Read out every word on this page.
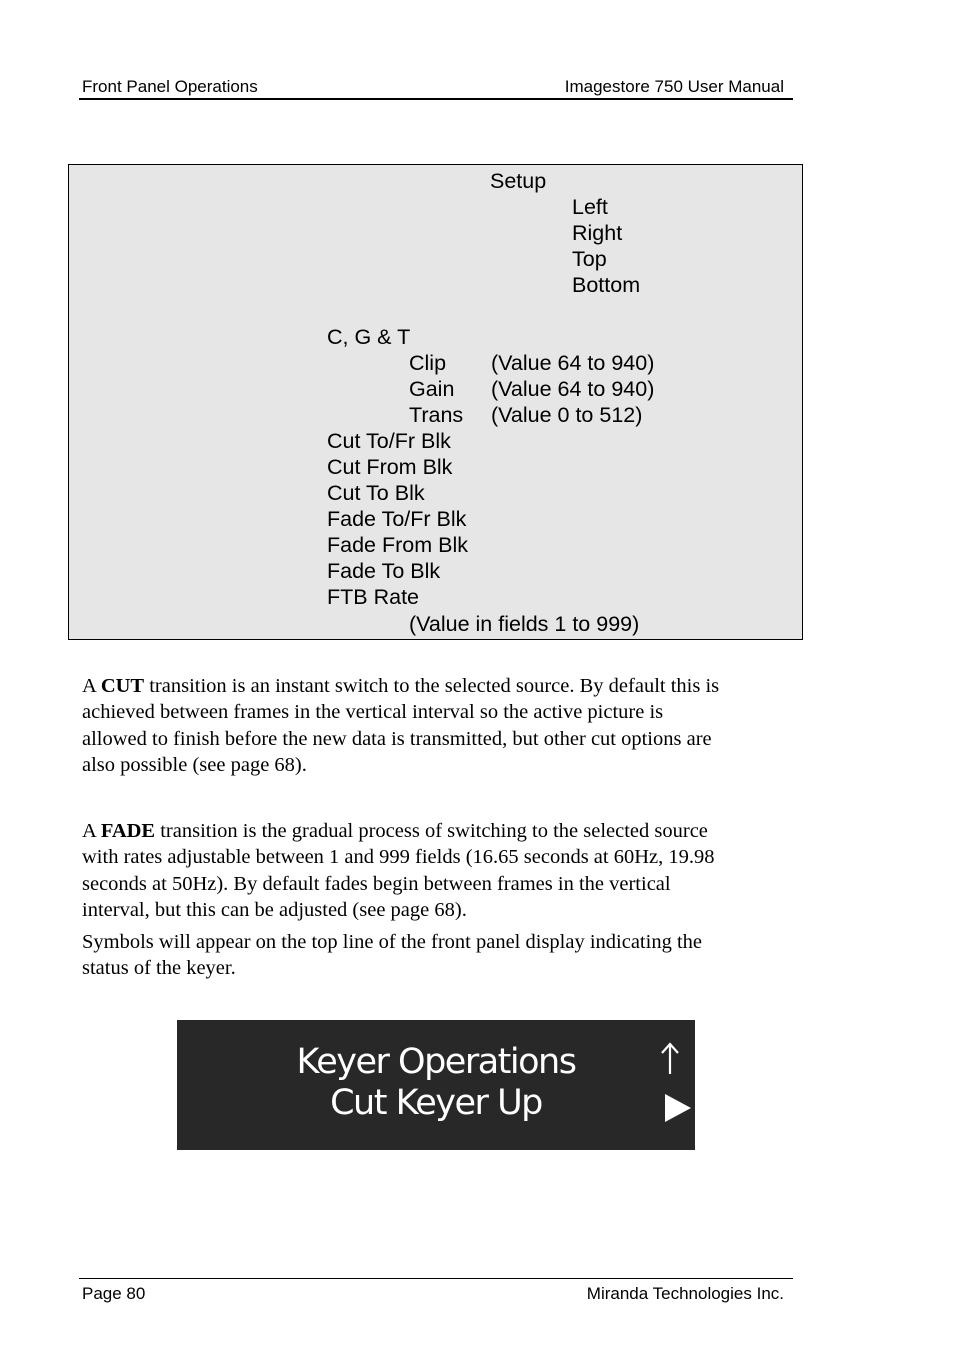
Front Panel Operations	Imagestore 750 User Manual
Setup
Left
Right
Top
Bottom
C, G & T
Clip (Value 64 to 940)
Gain (Value 64 to 940)
Trans (Value 0 to 512)
Cut To/Fr Blk
Cut From Blk
Cut To Blk
Fade To/Fr Blk
Fade From Blk
Fade To Blk
FTB Rate
(Value in fields 1 to 999)

A CUT transition is an instant switch to the selected source. By default this is
achieved between frames in the vertical interval so the active picture is
allowed to finish before the new data is transmitted, but other cut options are
also possible (see page 68).

A FADE transition is the gradual process of switching to the selected source
with rates adjustable between 1 and 999 fields (16.65 seconds at 60Hz, 19.98
seconds at 50Hz). By default fades begin between frames in the vertical
interval, but this can be adjusted (see page 68).

Symbols will appear on the top line of the front panel display indicating the
status of the keyer.

Keyer Operations
Cut Keyer Up
Page 80	Miranda Technologies Inc.
